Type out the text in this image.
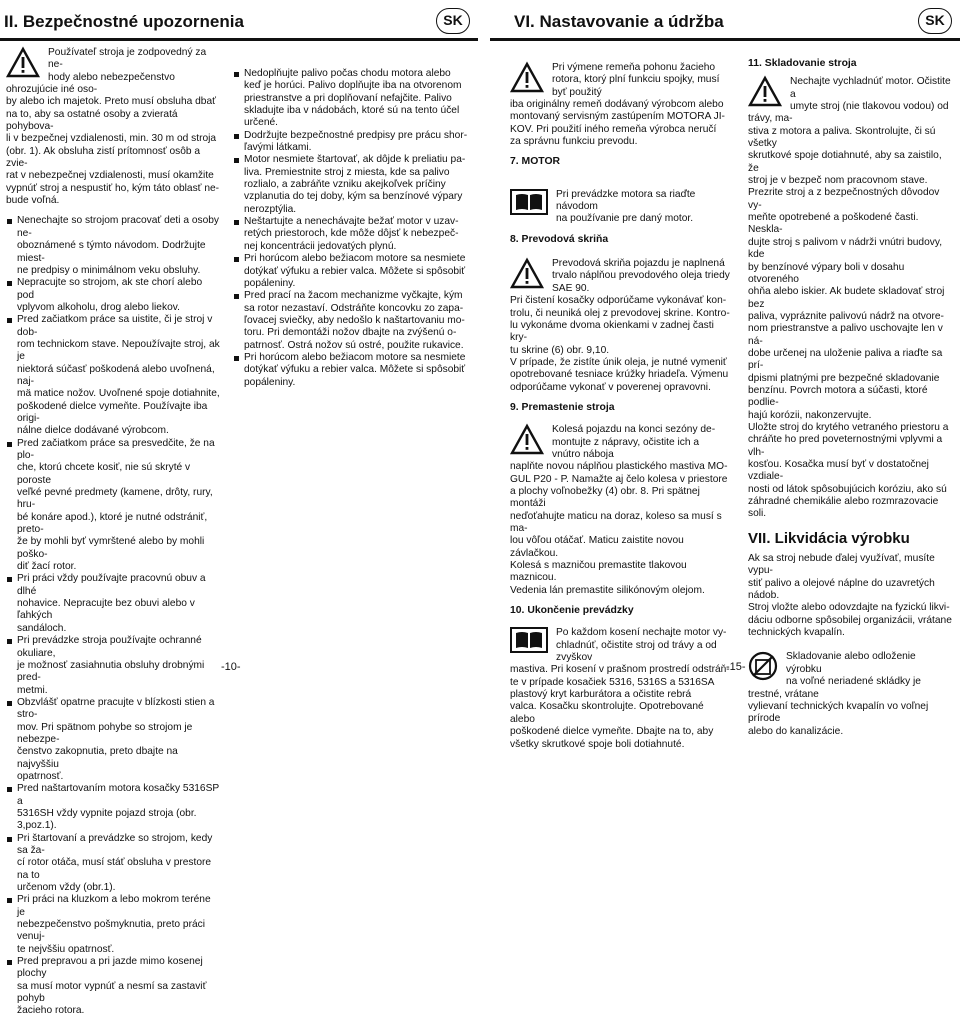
II. Bezpečnostné upozornenia	SK
Používateľ stroja je zodpovedný za ne-
hody alebo nebezpečenstvo ohrozujúcie iné oso-
by alebo ich majetok. Preto musí obsluha dbať
na to, aby sa ostatné osoby a zvieratá pohybova-
li v bezpečnej vzdialenosti, min. 30 m od stroja
(obr. 1). Ak obsluha zistí prítomnosť osôb a zvie-
rat v nebezpečnej vzdialenosti, musí okamžite
vypnúť stroj a nespustiť ho, kým táto oblasť ne-
bude voľná.
Nenechajte so strojom pracovať deti a osoby ne-
oboznámené s týmto návodom. Dodržujte miest-
ne predpisy o minimálnom veku obsluhy.
Nepracujte so strojom, ak ste chorí alebo pod
vplyvom alkoholu, drog alebo liekov.
Pred začiatkom práce sa uistite, či je stroj v dob-
rom technickom stave. Nepoužívajte stroj, ak je
niektorá súčasť poškodená alebo uvoľnená, naj-
mä matice nožov. Uvoľnené spoje dotiahnite,
poškodené dielce vymeňte. Používajte iba origi-
nálne dielce dodávané výrobcom.
Pred začiatkom práce sa presvedčite, že na plo-
che, ktorú chcete kosiť, nie sú skryté v poroste
veľké pevné predmety (kamene, drôty, rury, hru-
bé konáre apod.), ktoré je nutné odstrániť, preto-
že by mohli byť vymrštené alebo by mohli poško-
diť žací rotor.
Pri práci vždy používajte pracovnú obuv a dlhé
nohavice. Nepracujte bez obuvi alebo v ľahkých
sandáloch.
Pri prevádzke stroja používajte ochranné okuliare,
je možnosť zasiahnutia obsluhy drobnými pred-
metmi.
Obzvlášť opatrne pracujte v blízkosti stien a stro-
mov. Pri spätnom pohybe so strojom je nebezpe-
čenstvo zakopnutia, preto dbajte na najvyššiu
opatrnosť.
Pred naštartovaním motora kosačky 5316SP a
5316SH vždy vypnite pojazd stroja (obr. 3,poz.1).
Pri štartovaní a prevádzke so strojom, kedy sa ža-
cí rotor otáča, musí stáť obsluha v prestore na to
určenom vždy (obr.1).
Pri práci na kluzkom a lebo mokrom teréne je
nebezpečenstvo pošmyknutia, preto práci venuj-
te nejvššiu opatrnosť.
Pred prepravou a pri jazde mimo kosenej plochy
sa musí motor vypnúť a nesmí sa zastaviť pohyb
žacieho rotora.
Nedoplňujte palivo počas chodu motora alebo
keď je horúci. Palivo doplňujte iba na otvorenom
priestranstve a pri doplňovaní nefajčite. Palivo
skladujte iba v nádobách, ktoré sú na tento účel
určené.
Dodržujte bezpečnostné predpisy pre prácu shor-
ľavými látkami.
Motor nesmiete štartovať, ak dôjde k preliatiu pa-
liva. Premiestnite stroj z miesta, kde sa palivo
rozlialo, a zabráňte vzniku akejkoľvek príčiny
vzplanutia do tej doby, kým sa benzínové výpary
nerozptýlia.
Neštartujte a nenechávajte bežať motor v uzav-
retých priestoroch, kde môže dôjsť k nebezpeč-
nej koncentrácii jedovatých plynú.
Pri horúcom alebo bežiacom motore sa nesmiete
dotýkať výfuku a rebier valca. Môžete si spôsobiť
popáleniny.
Pred prací na žacom mechanizme vyčkajte, kým
sa rotor nezastaví. Odstráňte koncovku zo zapa-
ľovacej sviečky, aby nedošlo k naštartovaniu mo-
toru. Pri demontáži nožov dbajte na zvýšenú o-
patrnosť. Ostrá nožov sú ostré, použite rukavice.
Pri horúcom alebo bežiacom motore sa nesmiete
dotýkať výfuku a rebier valca. Môžete si spôsobiť
popáleniny.
-10-
VI. Nastavovanie a údržba	SK
Pri výmene remeňa pohonu žacieho
rotora, ktorý plní funkciu spojky, musí byť použitý
iba originálny remeň dodávaný výrobcom alebo
montovaný servisným zastúpením MOTORA JI-
KOV. Pri použití iného remeňa výrobca neručí
za správnu funkciu prevodu.
7. MOTOR
Pri prevádzke motora sa riaďte návodom
na používanie pre daný motor.
8. Prevodová skriňa
Prevodová skriňa pojazdu je naplnená
trvalo náplňou prevodového oleja triedy SAE 90.
Pri čistení kosačky odporúčame vykonávať kon-
trolu, či neuniká olej z prevodovej skrine. Kontro-
lu vykonáme dvoma okienkami v zadnej časti kry-
tu skrine (6) obr. 9,10.
V prípade, že zistíte únik oleja, je nutné vymeniť
opotrebované tesniace krúžky hriadeľa. Výmenu
odporúčame vykonať v poverenej opravovni.
9. Premastenie stroja
Kolesá pojazdu na konci sezóny de-
montujte z nápravy, očistite ich a vnútro náboja
naplňte novou náplňou plastického mastiva MO-
GUL P20 - P. Namažte aj čelo kolesa v priestore
a plochy voľnobežky (4) obr. 8. Pri spätnej montáži
neďoťahujte maticu na doraz, koleso sa musí s ma-
lou vôľou otáčať. Maticu zaistite novou závlačkou.
Kolesá s mazničou premastite tlakovou maznicou.
Vedenia lán premastite silikónovým olejom.
10. Ukončenie prevádzky
Po každom kosení nechajte motor vy-
chladnúť, očistite stroj od trávy a od zvyškov
mastiva. Pri kosení v prašnom prostredí odstráň-
te v prípade kosačiek 5316, 5316S a 5316SA
plastový kryt karburátora a očistite rebrá
valca. Kosačku skontrolujte. Opotrebované alebo
poškodené dielce vymeňte. Dbajte na to, aby
všetky skrutkové spoje boli dotiahnuté.
11. Skladovanie stroja
Nechajte vychladnúť motor. Očistite a
umyte stroj (nie tlakovou vodou) od trávy, ma-
stiva z motora a paliva. Skontrolujte, či sú všetky
skrutkové spoje dotiahnuté, aby sa zaistilo, že
stroj je v bezpeč nom pracovnom stave.
Prezrite stroj a z bezpečnostných dôvodov vy-
meňte opotrebené a poškodené časti. Neskla-
dujte stroj s palivom v nádrži vnútri budovy, kde
by benzínové výpary boli v dosahu otvoreného
ohňa alebo iskier. Ak budete skladovať stroj bez
paliva, vypráznite palivovú nádrž na otvore-
nom priestranstve a palivo uschovajte len v ná-
dobe určenej na uloženie paliva a riaďte sa prí-
dpismi platnými pre bezpečné skladovanie
benzínu. Povrch motora a súčasti, ktoré podlie-
hajú korózii, nakonzervujte.
Uložte stroj do krytého vetraného priestoru a
chráňte ho pred poveternostnými vplyvmi a vlh-
kosťou. Kosačka musí byť v dostatočnej vzdiale-
nosti od látok spôsobujúcich koróziu, ako sú
záhradné chemikálie alebo rozmrazovacie soli.
VII. Likvidácia výrobku
Ak sa stroj nebude ďalej využívať, musíte vypu-
stiť palivo a olejové náplne do uzavretých nádob.
Stroj vložte alebo odovzdajte na fyzickú likvi-
dáciu odborne spôsobilej organizácii, vrátane
technických kvapalín.
Skladovanie alebo odloženie výrobku
na voľné neriadené skládky je trestné, vrátane
vylievaní technických kvapalín vo voľnej prírode
alebo do kanalizácie.
-15-
